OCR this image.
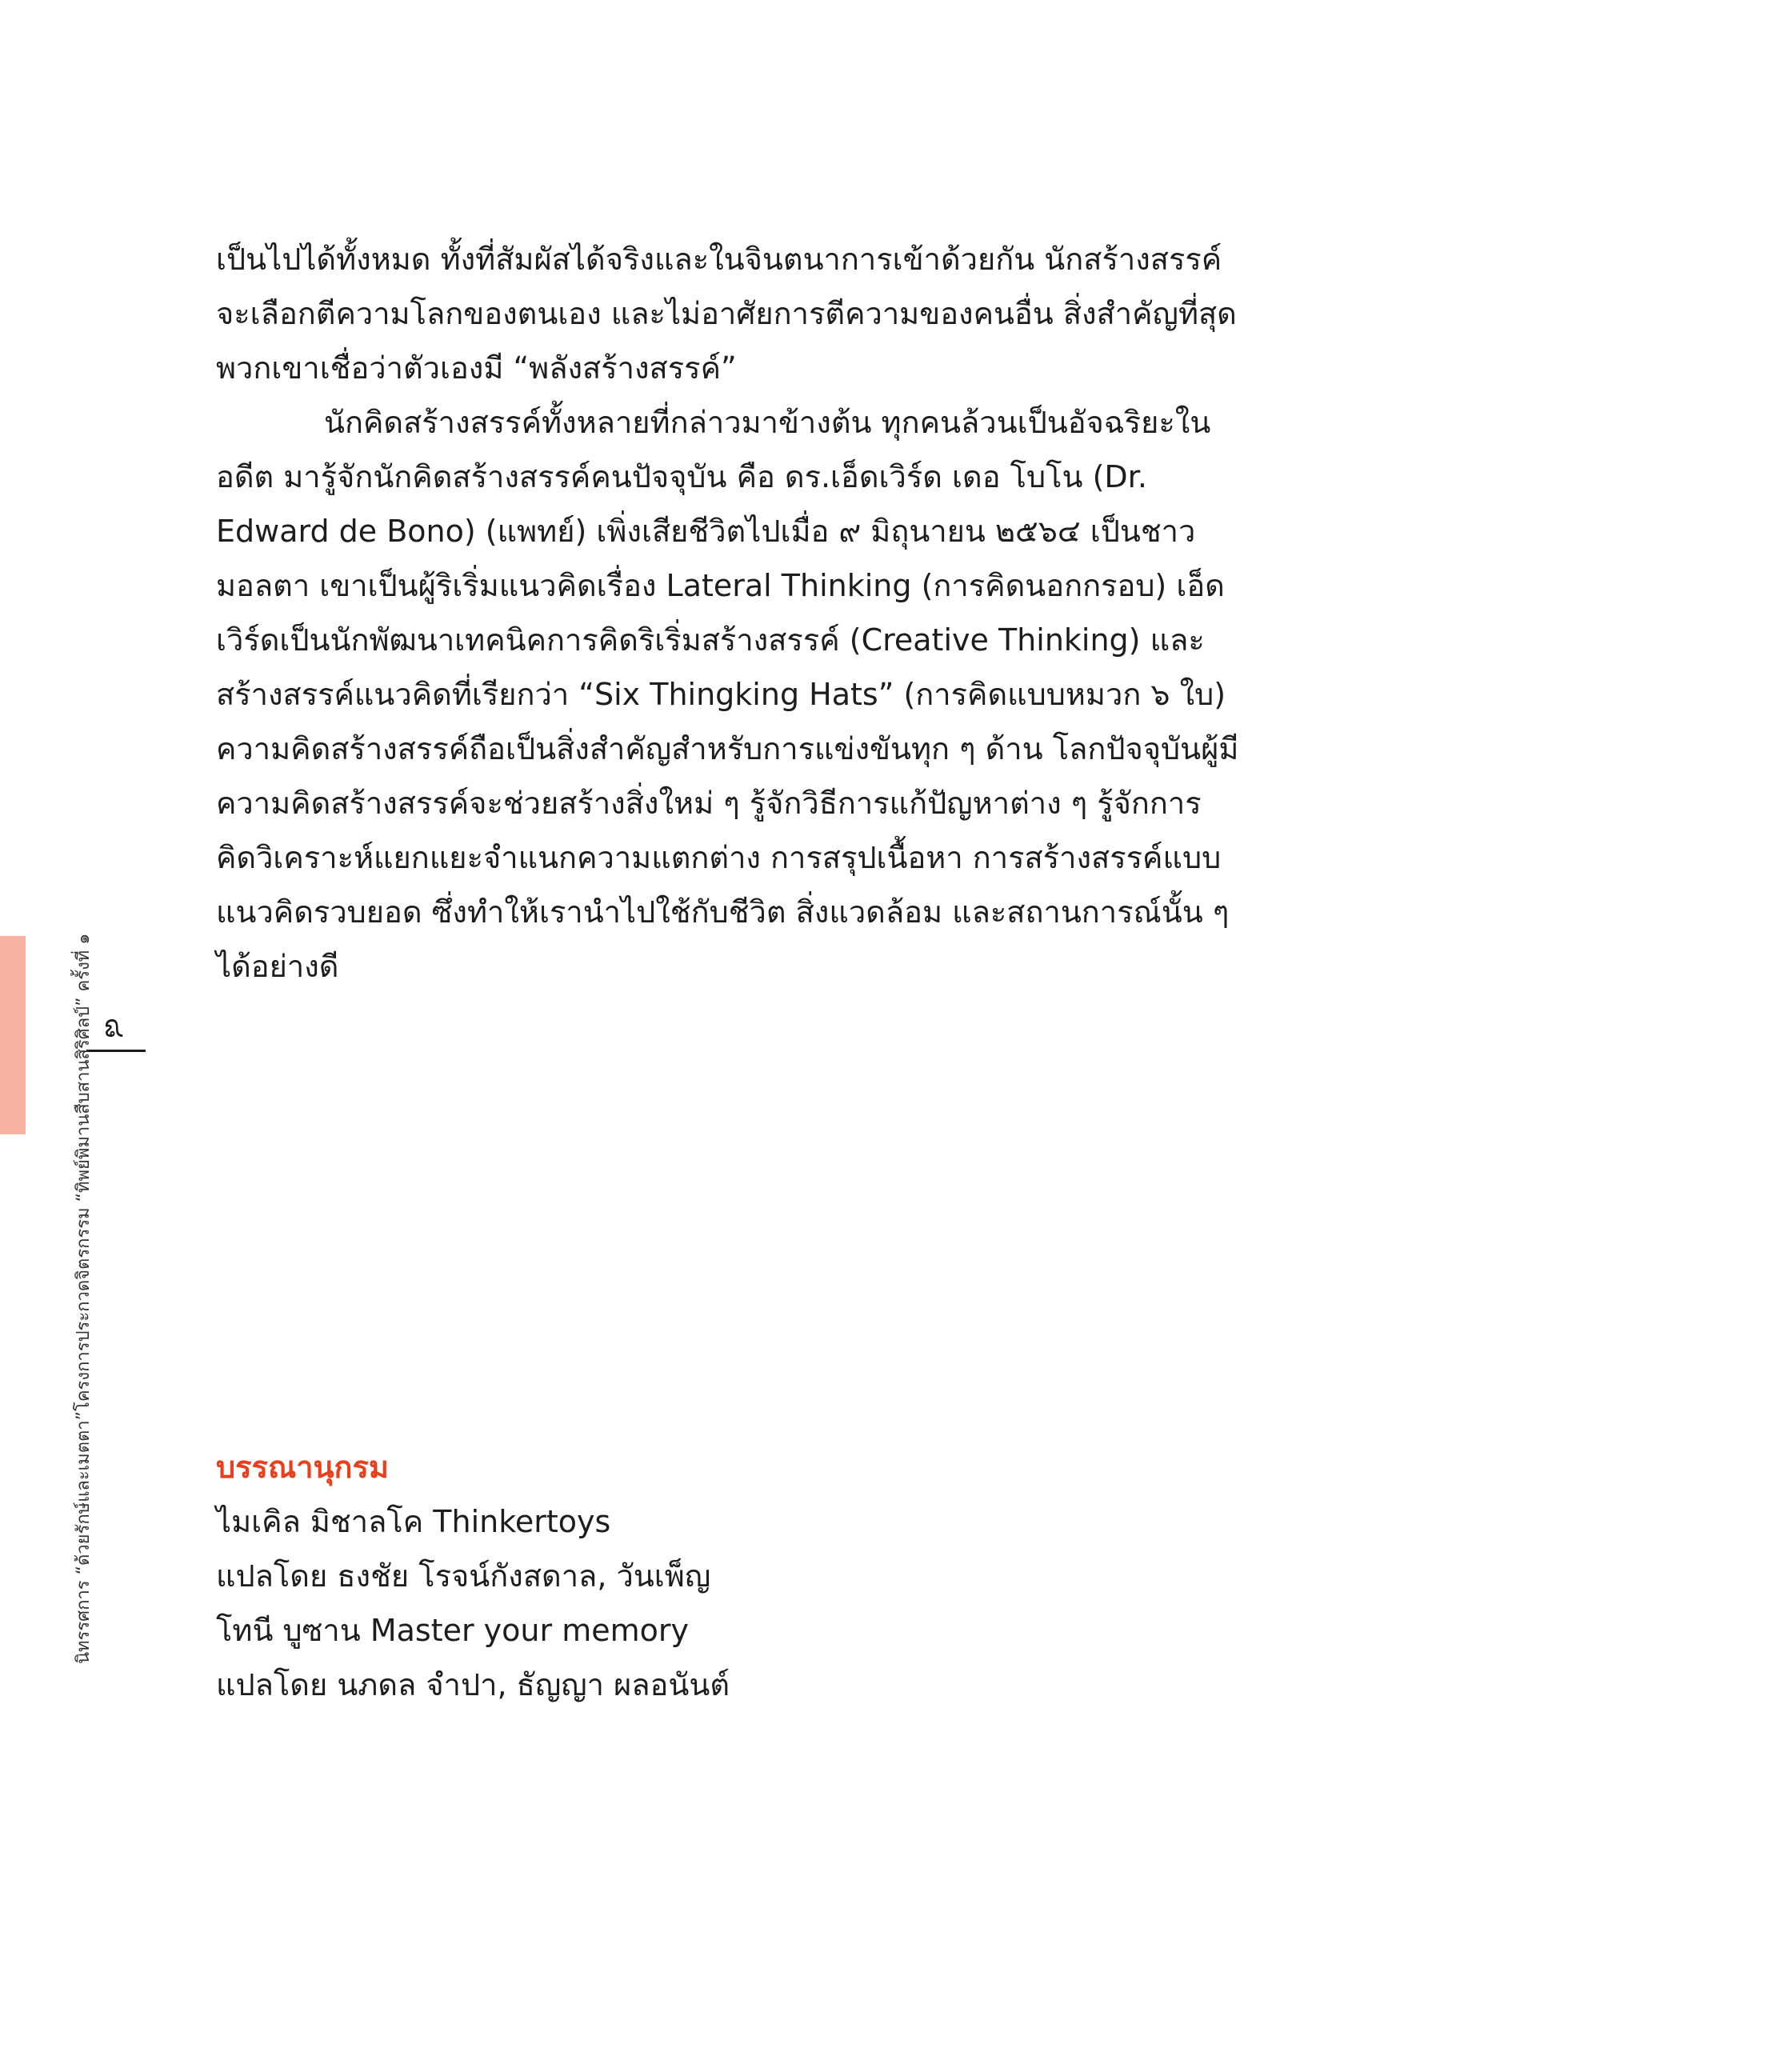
๘
นิทรรศการ “ด้วยรักษ์และเมตตา”
โครงการประกวดจิตรกรรม “ทิพย์พิมานสืบสานสิริศิลป์” ครั้งที่ ๑

เป็นไปได้ทั้งหมด ทั้งที่สัมผัสได้จริงและในจินตนาการเข้าด้วยกัน นักสร้างสรรค์จะเลือกตีความโลกของตนเอง และไม่อาศัยการตีความของคนอื่น สิ่งสำคัญที่สุดพวกเขาเชื่อว่าตัวเองมี “พลังสร้างสรรค์”

นักคิดสร้างสรรค์ทั้งหลายที่กล่าวมาข้างต้น ทุกคนล้วนเป็นอัจฉริยะในอดีต มารู้จักนักคิดสร้างสรรค์คนปัจจุบัน คือ ดร.เอ็ดเวิร์ด เดอ โบโน (Dr. Edward de Bono) (แพทย์) เพิ่งเสียชีวิตไปเมื่อ ๙ มิถุนายน ๒๕๖๔ เป็นชาวมอลตา เขาเป็นผู้ริเริ่มแนวคิดเรื่อง Lateral Thinking (การคิดนอกกรอบ) เอ็ดเวิร์ดเป็นนักพัฒนาเทคนิคการคิดริเริ่มสร้างสรรค์ (Creative Thinking) และสร้างสรรค์แนวคิดที่เรียกว่า “Six Thingking Hats” (การคิดแบบหมวก ๖ ใบ) ความคิดสร้างสรรค์ถือเป็นสิ่งสำคัญสำหรับการแข่งขันทุก ๆ ด้าน โลกปัจจุบันผู้มีความคิดสร้างสรรค์จะช่วยสร้างสิ่งใหม่ ๆ รู้จักวิธีการแก้ปัญหาต่าง ๆ รู้จักการคิดวิเคราะห์แยกแยะจำแนกความแตกต่าง การสรุปเนื้อหา การสร้างสรรค์แบบแนวคิดรวบยอด ซึ่งทำให้เรานำไปใช้กับชีวิต สิ่งแวดล้อม และสถานการณ์นั้น ๆ ได้อย่างดี

บรรณานุกรม

ไมเคิล มิชาลโค Thinkertoys

แปลโดย ธงชัย โรจน์กังสดาล, วันเพ็ญ

โทนี บูซาน Master your memory

แปลโดย นภดล จำปา, ธัญญา ผลอนันต์
